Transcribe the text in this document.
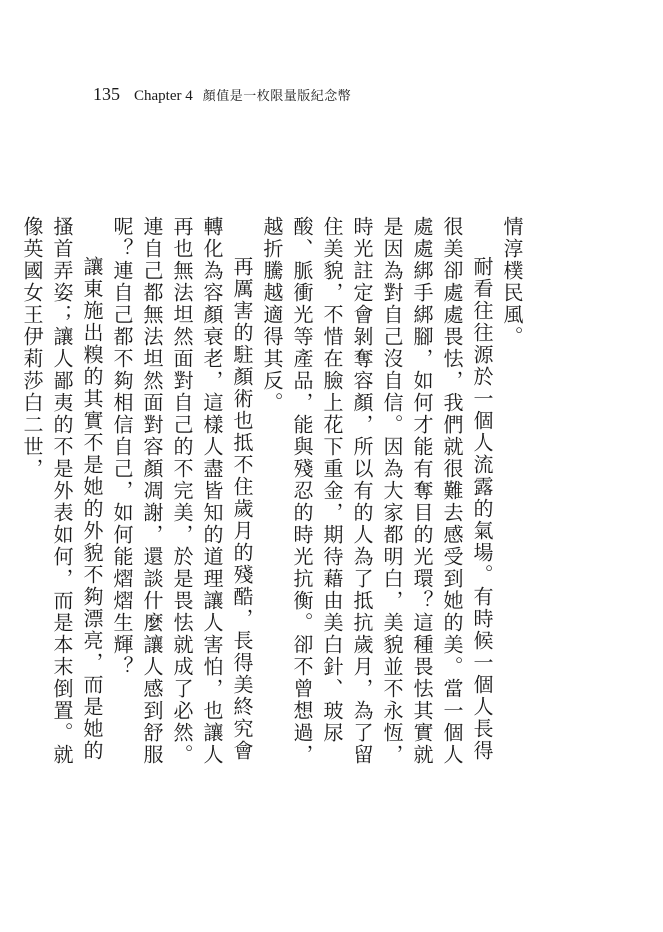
135 Chapter 4 顏值是一枚限量版紀念幣

情淳樸民風。

耐看往往源於一個人流露的氣場。有時候一個人長得很美卻處處畏怯，我們就很難去感受到她的美。當一個人處處綁手綁腳，如何才能有奪目的光環？這種畏怯其實就是因為對自己沒自信。因為大家都明白，美貌並不永恆，時光註定會剝奪容顏，所以有的人為了抵抗歲月，為了留住美貌，不惜在臉上花下重金，期待藉由美白針、玻尿酸、脈衝光等產品，能與殘忍的時光抗衡。卻不曾想過，越折騰越適得其反。

再厲害的駐顏術也抵不住歲月的殘酷，長得美終究會轉化為容顏衰老，這樣人盡皆知的道理讓人害怕，也讓人再也無法坦然面對自己的不完美，於是畏怯就成了必然。連自己都無法坦然面對容顏凋謝，還談什麼讓人感到舒服呢？連自己都不夠相信自己，如何能熠熠生輝？

讓東施出糗的其實不是她的外貌不夠漂亮，而是她的搔首弄姿；讓人鄙夷的不是外表如何，而是本末倒置。就像英國女王伊莉莎白二世，
